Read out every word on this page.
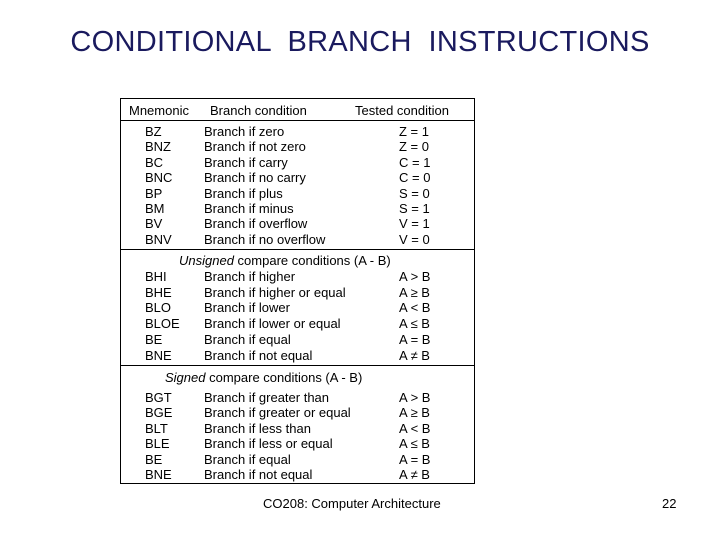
CONDITIONAL  BRANCH  INSTRUCTIONS
Mnemonic Branch condition	Tested condition
BZ	Branch if zero	Z = 1
BNZ	Branch if not zero	Z = 0
BC	Branch if carry	C = 1
BNC Branch if no carry	C = 0
BP	Branch if plus	S = 0
BM	Branch if minus	S = 1
BV	Branch if overflow	V = 1
BNV Branch if no overflow	V = 0
Unsigned compare conditions (A - B)
BHI	Branch if higher	A > B
BHE Branch if higher or equal	A ≥ B
BLO	Branch if lower	A < B
BLOE Branch if lower or equal	A ≤ B
BE	Branch if equal	A = B
BNE Branch if not equal	A ≠ B
Signed compare conditions (A - B)
BGT Branch if greater than	A > B
BGE Branch if greater or equal	A ≥ B
BLT	Branch if less than	A < B
BLE	Branch if less or equal	A ≤ B
BE	Branch if equal	A = B
BNE Branch if not equal	A ≠ B
CO208: Computer Architecture	22
